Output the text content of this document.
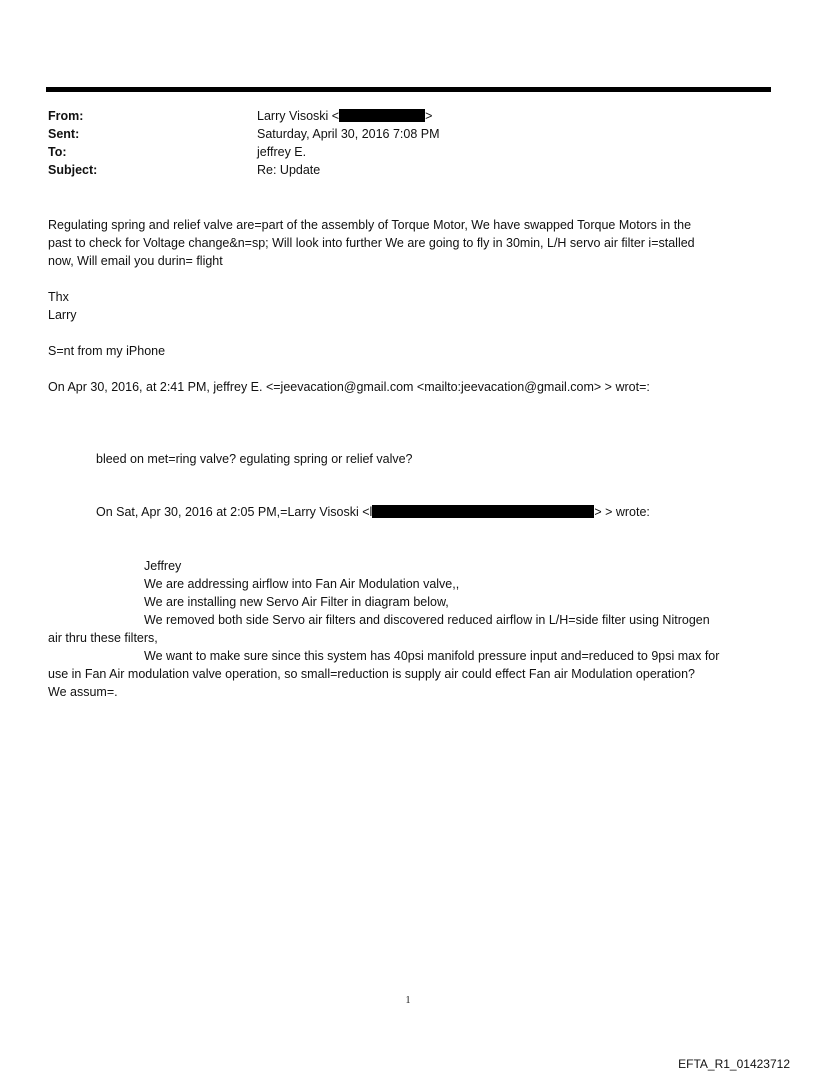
From:	Larry Visoski <	>
Sent:	Saturday, April 30, 2016 7:08 PM
To:	jeffrey E.
Subject:	Re: Update
Regulating spring and relief valve are=part of the assembly of Torque Motor, We have swapped Torque Motors in the
past to check for Voltage change&n=sp; Will look into further We are going to fly in 30min, L/H servo air filter i=stalled
now, Will email you durin= flight
Thx
Larry
S=nt from my iPhone
On Apr 30, 2016, at 2:41 PM, jeffrey E. <=jeevacation@gmail.com <mailto:jeevacation@gmail.com> > wrot=:
bleed on met=ring valve? egulating spring or relief valve?
On Sat, Apr 30, 2016 at 2:05 PM,=Larry Visoski <l	> > wrote:
Jeffrey
We are addressing airflow into Fan Air Modulation valve,,
We are installing new Servo Air Filter in diagram below,
We removed both side Servo air filters and discovered reduced airflow in L/H=side filter using Nitrogen
air thru these filters,
We want to make sure since this system has 40psi manifold pressure input and=reduced to 9psi max for
use in Fan Air modulation valve operation, so small=reduction is supply air could effect Fan air Modulation operation?
We assum=.
1
EFTA_R1_01423712
